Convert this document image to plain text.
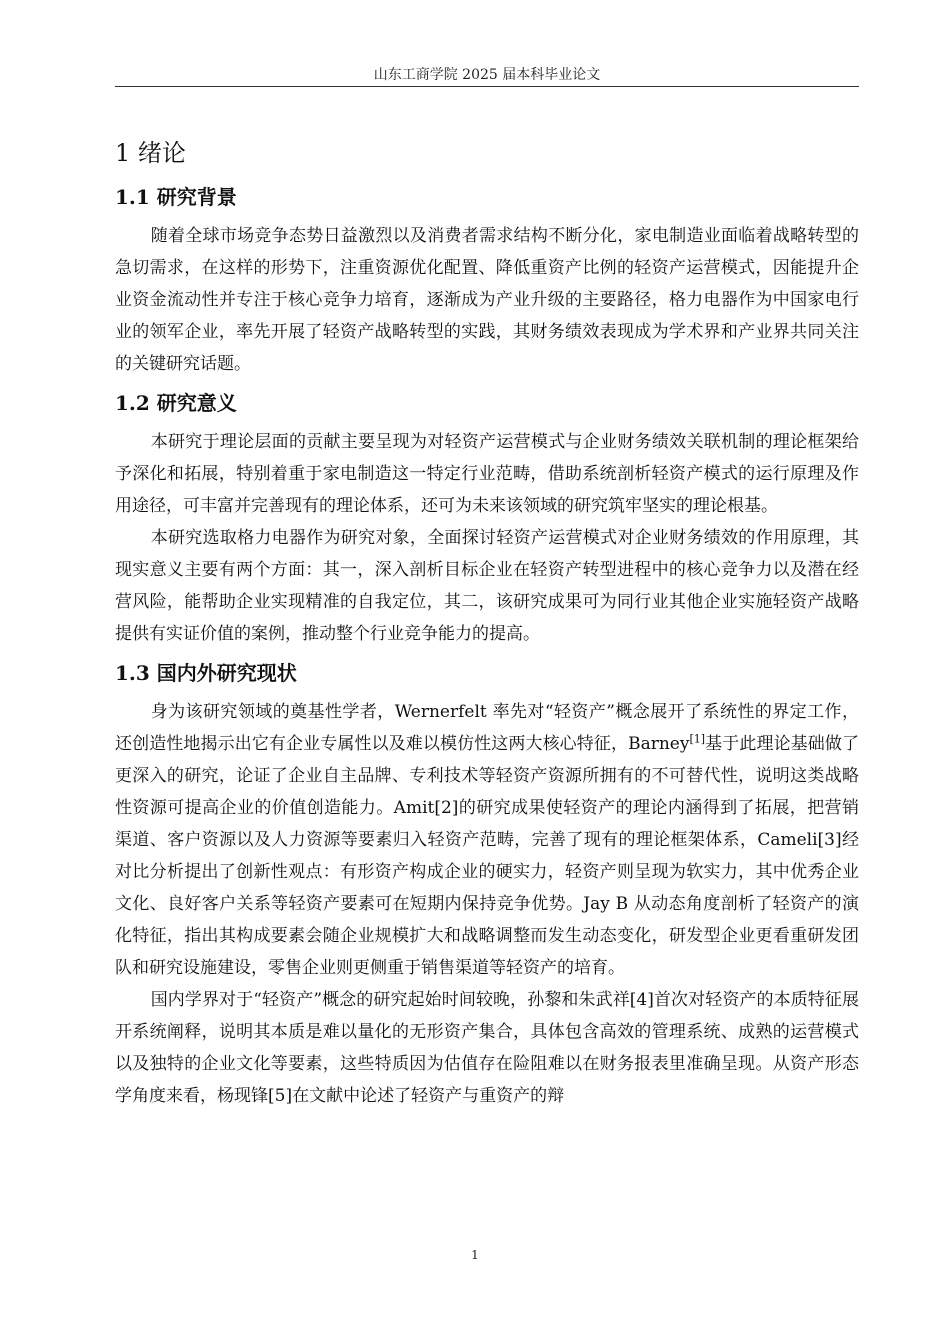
山东工商学院 2025 届本科毕业论文
1 绪论
1.1 研究背景

随着全球市场竞争态势日益激烈以及消费者需求结构不断分化，家电制造业面临着战略转型的急切需求，在这样的形势下，注重资源优化配置、降低重资产比例的轻资产运营模式，因能提升企业资金流动性并专注于核心竞争力培育，逐渐成为产业升级的主要路径，格力电器作为中国家电行业的领军企业，率先开展了轻资产战略转型的实践，其财务绩效表现成为学术界和产业界共同关注的关键研究话题。

1.2 研究意义

本研究于理论层面的贡献主要呈现为对轻资产运营模式与企业财务绩效关联机制的理论框架给予深化和拓展，特别着重于家电制造这一特定行业范畴，借助系统剖析轻资产模式的运行原理及作用途径，可丰富并完善现有的理论体系，还可为未来该领域的研究筑牢坚实的理论根基。

本研究选取格力电器作为研究对象，全面探讨轻资产运营模式对企业财务绩效的作用原理，其现实意义主要有两个方面：其一，深入剖析目标企业在轻资产转型进程中的核心竞争力以及潜在经营风险，能帮助企业实现精准的自我定位，其二，该研究成果可为同行业其他企业实施轻资产战略提供有实证价值的案例，推动整个行业竞争能力的提高。

1.3 国内外研究现状

身为该研究领域的奠基性学者，Wernerfelt 率先对“轻资产”概念展开了系统性的界定工作，还创造性地揭示出它有企业专属性以及难以模仿性这两大核心特征，Barney[1]基于此理论基础做了更深入的研究，论证了企业自主品牌、专利技术等轻资产资源所拥有的不可替代性，说明这类战略性资源可提高企业的价值创造能力。Amit[2]的研究成果使轻资产的理论内涵得到了拓展，把营销渠道、客户资源以及人力资源等要素归入轻资产范畴，完善了现有的理论框架体系，Cameli[3]经对比分析提出了创新性观点：有形资产构成企业的硬实力，轻资产则呈现为软实力，其中优秀企业文化、良好客户关系等轻资产要素可在短期内保持竞争优势。Jay B 从动态角度剖析了轻资产的演化特征，指出其构成要素会随企业规模扩大和战略调整而发生动态变化，研发型企业更看重研发团队和研究设施建设，零售企业则更侧重于销售渠道等轻资产的培育。

国内学界对于“轻资产”概念的研究起始时间较晚，孙黎和朱武祥[4]首次对轻资产的本质特征展开系统阐释，说明其本质是难以量化的无形资产集合，具体包含高效的管理系统、成熟的运营模式以及独特的企业文化等要素，这些特质因为估值存在险阻难以在财务报表里准确呈现。从资产形态学角度来看，杨现锋[5]在文献中论述了轻资产与重资产的辩

1
